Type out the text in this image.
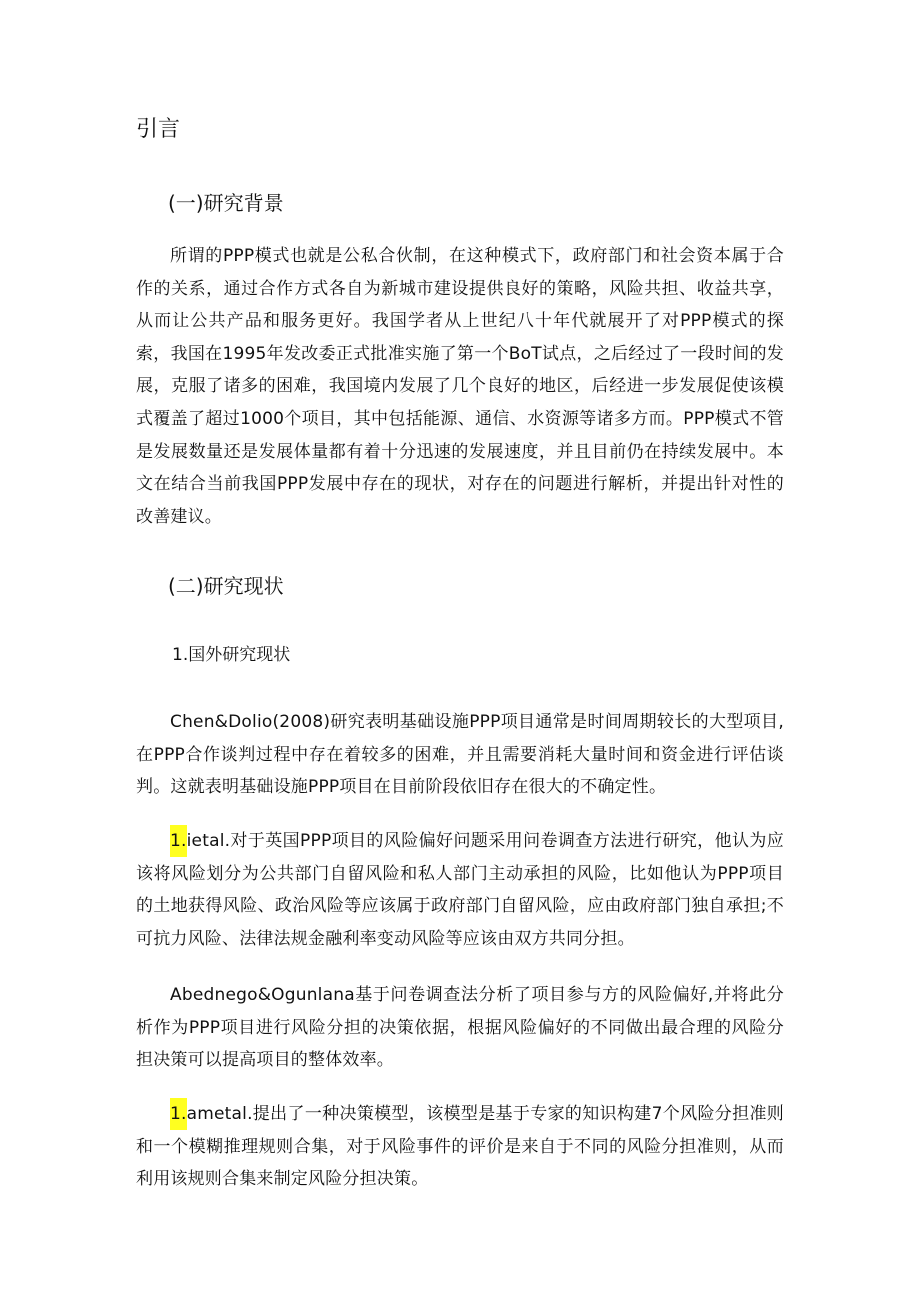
引言
(一)研究背景

所谓的PPP模式也就是公私合伙制，在这种模式下，政府部门和社会资本属于合作的关系，通过合作方式各自为新城市建设提供良好的策略，风险共担、收益共享，从而让公共产品和服务更好。我国学者从上世纪八十年代就展开了对PPP模式的探索，我国在1995年发改委正式批准实施了第一个BoT试点，之后经过了一段时间的发展，克服了诸多的困难，我国境内发展了几个良好的地区，后经进一步发展促使该模式覆盖了超过1000个项目，其中包括能源、通信、水资源等诸多方而。PPP模式不管是发展数量还是发展体量都有着十分迅速的发展速度，并且目前仍在持续发展中。本文在结合当前我国PPP发展中存在的现状，对存在的问题进行解析，并提出针对性的改善建议。

(二)研究现状
1.国外研究现状

Chen&Dolio(2008)研究表明基础设施PPP项目通常是时间周期较长的大型项目,在PPP合作谈判过程中存在着较多的困难，并且需要消耗大量时间和资金进行评估谈判。这就表明基础设施PPP项目在目前阶段依旧存在很大的不确定性。

1.ietal.对于英国PPP项目的风险偏好问题采用问卷调查方法进行研究，他认为应该将风险划分为公共部门自留风险和私人部门主动承担的风险，比如他认为PPP项目的土地获得风险、政治风险等应该属于政府部门自留风险，应由政府部门独自承担;不可抗力风险、法律法规金融利率变动风险等应该由双方共同分担。

Abednego&Ogunlana基于问卷调查法分析了项目参与方的风险偏好,并将此分析作为PPP项目进行风险分担的决策依据，根据风险偏好的不同做出最合理的风险分担决策可以提高项目的整体效率。

1.ametal.提出了一种决策模型，该模型是基于专家的知识构建7个风险分担准则和一个模糊推理规则合集，对于风险事件的评价是来自于不同的风险分担准则，从而利用该规则合集来制定风险分担决策。
